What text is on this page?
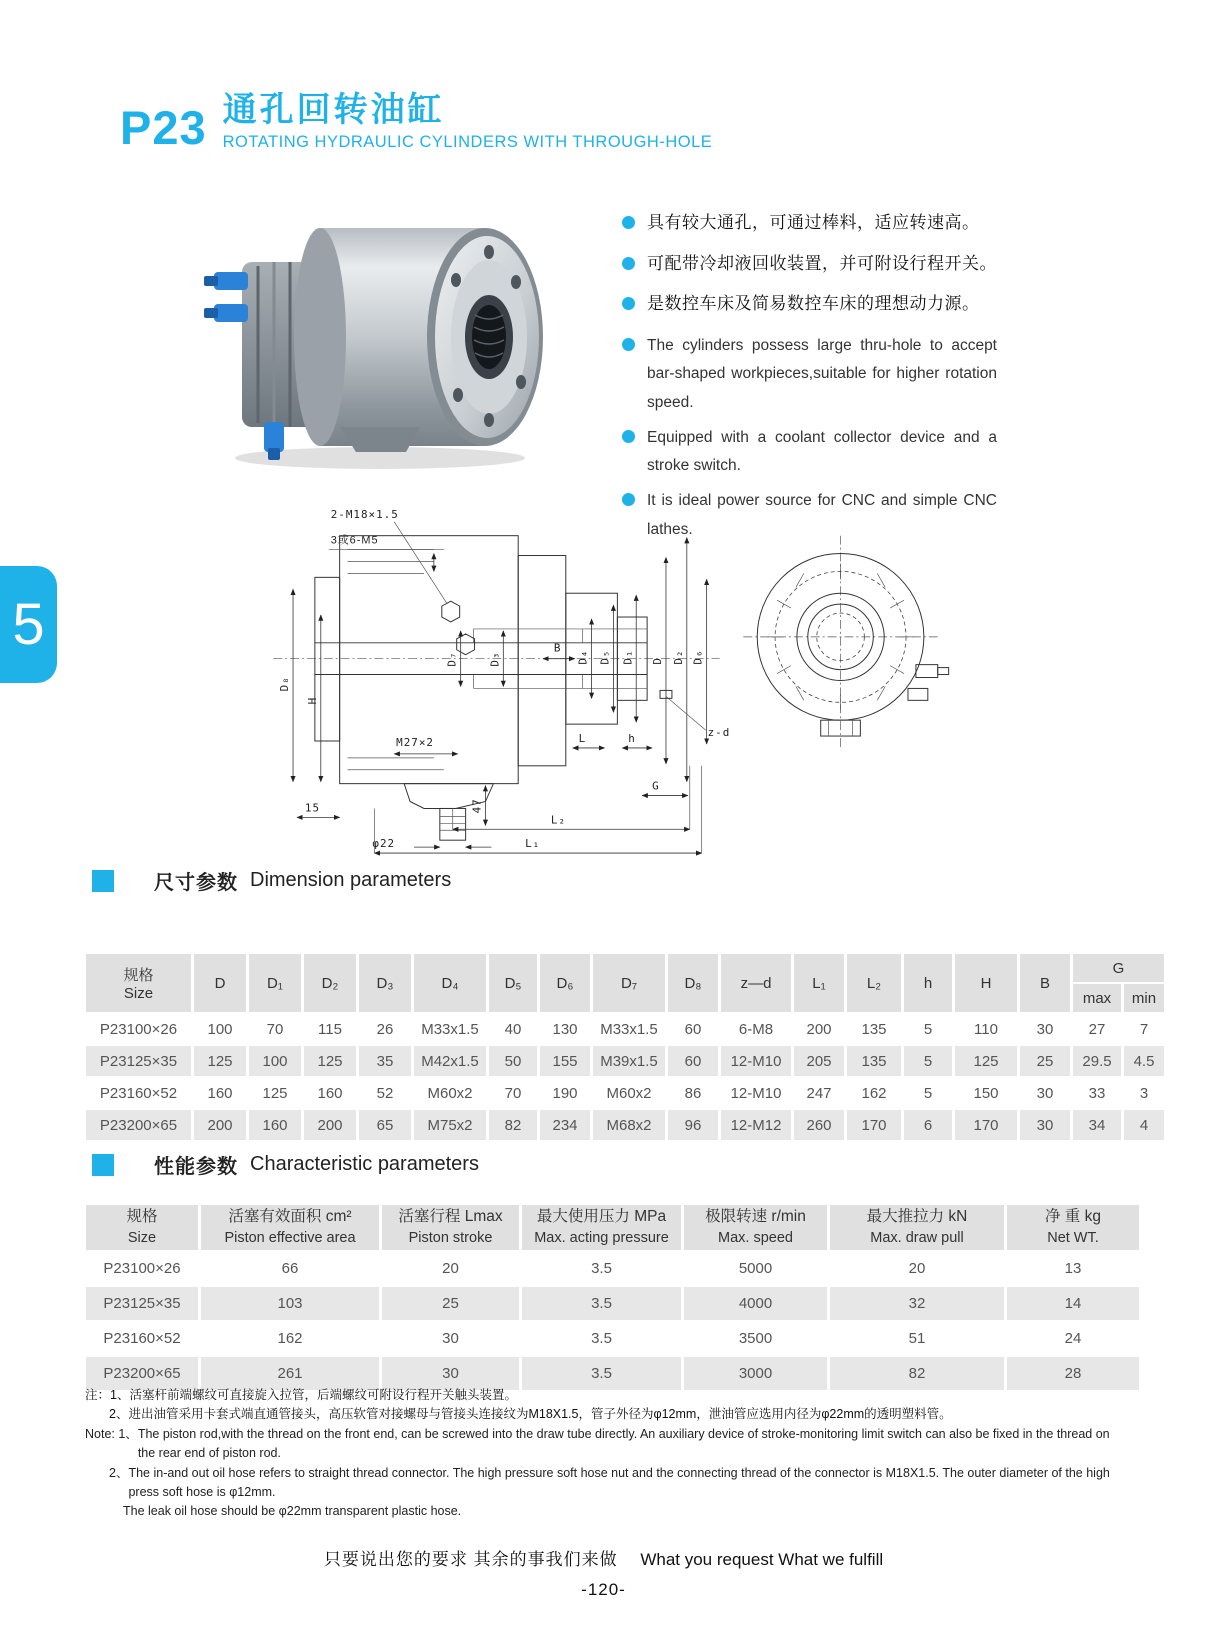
P23 通孔回转油缸
ROTATING HYDRAULIC CYLINDERS WITH THROUGH-HOLE
具有较大通孔，可通过棒料，适应转速高。
可配带冷却液回收装置，并可附设行程开关。
是数控车床及简易数控车床的理想动力源。
The cylinders possess large thru-hole to accept bar-shaped workpieces,suitable for higher rotation speed.
Equipped with a coolant collector device and a stroke switch.
It is ideal power source for CNC and simple CNC lathes.
5
2-M18×1.5
3或6-M5
D₈
H
D₇	D₃
B
D₄ D₅ D₁ D D₂ D₆
M27×2	L	h	z-d
G
15	47
φ22
L₂
L₁
尺寸参数 Dimension parameters
规格
Size	D	D₁	D₂	D₃	D₄	D₅	D₆	D₇	D₈	z—d	L₁	L₂	h	H	B	G	
																max	min
P23100×26	100	70	115	26	M33x1.5	40	130	M33x1.5	60	6-M8	200	135	5	110	30	27	7
P23125×35	125	100	125	35	M42x1.5	50	155	M39x1.5	60	12-M10	205	135	5	125	25	29.5	4.5
P23160×52	160	125	160	52	M60x2	70	190	M60x2	86	12-M10	247	162	5	150	30	33	3
P23200×65	200	160	200	65	M75x2	82	234	M68x2	96	12-M12	260	170	6	170	30	34	4
性能参数 Characteristic parameters
规格
Size

活塞有效面积 cm²
Piston effective area

活塞行程 Lmax
Piston stroke

最大使用压力 MPa
Max. acting pressure

极限转速 r/min
Max. speed

最大推拉力 kN
Max. draw pull

净 重 kg
Net WT.

P23100×26	66	20	3.5	5000	20	13
P23125×35	103	25	3.5	4000	32	14
P23160×52	162	30	3.5	3500	51	24
P23200×65	261	30	3.5	3000	82	28
注：1、 活塞杆前端螺纹可直接旋入拉管，后端螺纹可附设行程开关触头装置。
2、 进出油管采用卡套式端直通管接头，高压软管对接螺母与管接头连接纹为M18X1.5，管子外径为φ12mm，泄油管应选用内径为φ22mm的透明塑料管。
Note: 1、 The piston rod,with the thread on the front end, can be screwed into the draw tube directly. An auxiliary device of stroke-monitoring limit switch can also be fixed in the thread on the rear end of piston rod.
2、 The in-and out oil hose refers to straight thread connector. The high pressure soft hose nut and the connecting thread of the connector is M18X1.5. The outer diameter of the high press soft hose is φ12mm.
The leak oil hose should be φ22mm transparent plastic hose.
只要说出您的要求 其余的事我们来做 What you request What we fulfill
-120-
